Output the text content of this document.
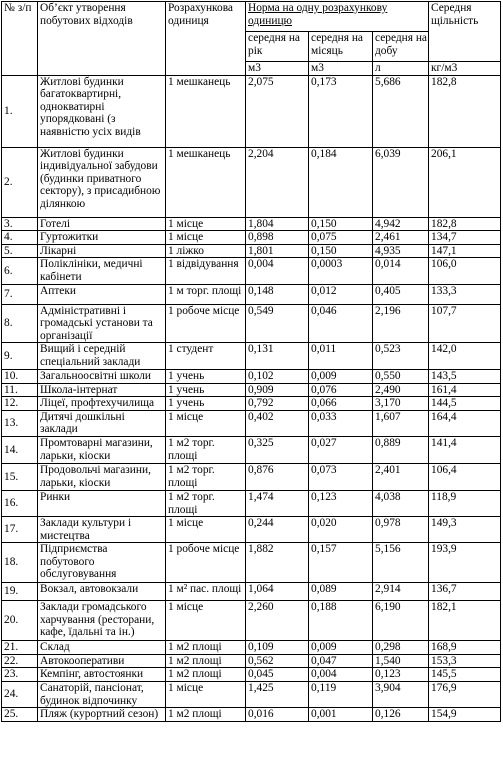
№ з/п	Об’єкт утворення побутових відходів	Розрахункова одиниця	Норма на одну розрахункову одиницю			Середня щільність
			середня на рік	середня на місяць	середня на добу	
			м3	м3	л	кг/м3
1.	Житлові будинки багатоквартирні, однокватирні упорядковані (з наявністю усіх видів	1 мешканець	2,075	0,173	5,686	182,8
2.	Житлові будинки індивідуальної забудови (будинки приватного сектору), з присадибною ділянкою	1 мешканець	2,204	0,184	6,039	206,1
3.	Готелі	1 місце	1,804	0,150	4,942	182,8
4.	Гуртожитки	1 місце	0,898	0,075	2,461	134,7
5.	Лікарні	1 ліжко	1,801	0,150	4,935	147,1
6.	Поліклініки, медичні кабінети	1 відвідування	0,004	0,0003	0,014	106,0
7.	Аптеки	1 м торг. площі	0,148	0,012	0,405	133,3
8.	Адміністративні і громадські установи та організації	1 робоче місце	0,549	0,046	2,196	107,7
9.	Вищий і середній спеціальний заклади	1 студент	0,131	0,011	0,523	142,0
10.	Загальноосвітні школи	1 учень	0,102	0,009	0,550	143,5
11.	Школа-інтернат	1 учень	0,909	0,076	2,490	161,4
12.	Ліцеї, профтехучилища	1 учень	0,792	0,066	3,170	144,5
13.	Дитячі дошкільні заклади	1 місце	0,402	0,033	1,607	164,4
14.	Промтоварні магазини, ларьки, кіоски	1 м2 торг. площі	0,325	0,027	0,889	141,4
15.	Продовольчі магазини, ларьки, кіоски	1 м2 торг. площі	0,876	0,073	2,401	106,4
16.	Ринки	1 м2 торг. площі	1,474	0,123	4,038	118,9
17.	Заклади культури і мистецтва	1 місце	0,244	0,020	0,978	149,3
18.	Підприємства побутового обслуговування	1 робоче місце	1,882	0,157	5,156	193,9
19.	Вокзал, автовокзали	1 м² пас. площі	1,064	0,089	2,914	136,7
20.	Заклади громадського харчування (ресторани, кафе, їдальні та ін.)	1 місце	2,260	0,188	6,190	182,1
21.	Склад	1 м2 площі	0,109	0,009	0,298	168,9
22.	Автокооперативи	1 м2 площі	0,562	0,047	1,540	153,3
23.	Кемпінг, автостоянки	1 м2 площі	0,045	0,004	0,123	145,5
24.	Санаторій, пансіонат, будинок відпочинку	1 місце	1,425	0,119	3,904	176,9
25.	Пляж (курортний сезон)	1 м2 площі	0,016	0,001	0,126	154,9
